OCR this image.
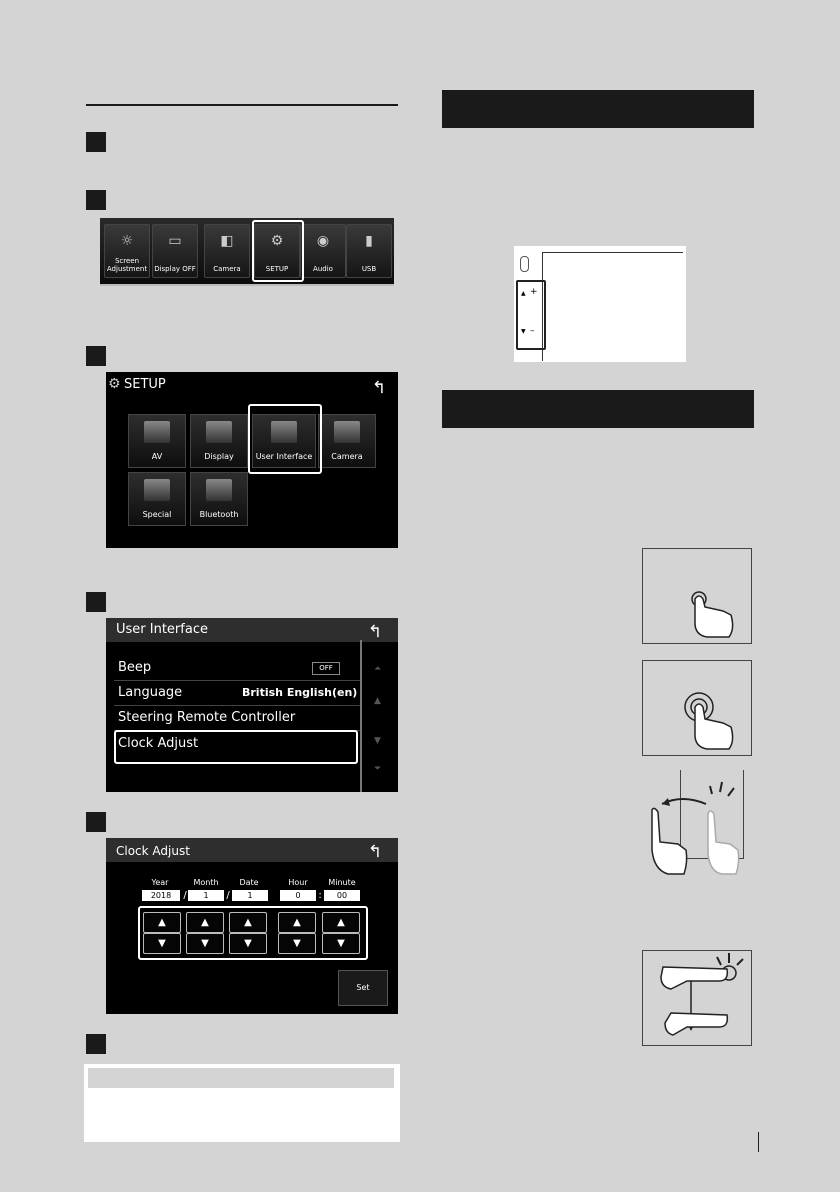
☼
Screen Adjustment
▭
Display OFF
◧
Camera
⚙
SETUP
◉
Audio
▮
USB
⚙ SETUP	↰
AV	Display	User Interface	Camera
Special	Bluetooth
User Interface	↰
Beep	OFF
Language	British English(en)
Steering Remote Controller
Clock Adjust
⏶
▲
▼
⏷
Clock Adjust	↰
Year	Month	Date	Hour	Minute
2018	/	1	/	1	0	:	00
▲	▲	▲	▲	▲
▼	▼	▼	▼	▼
Set
▲ +
▼ –
